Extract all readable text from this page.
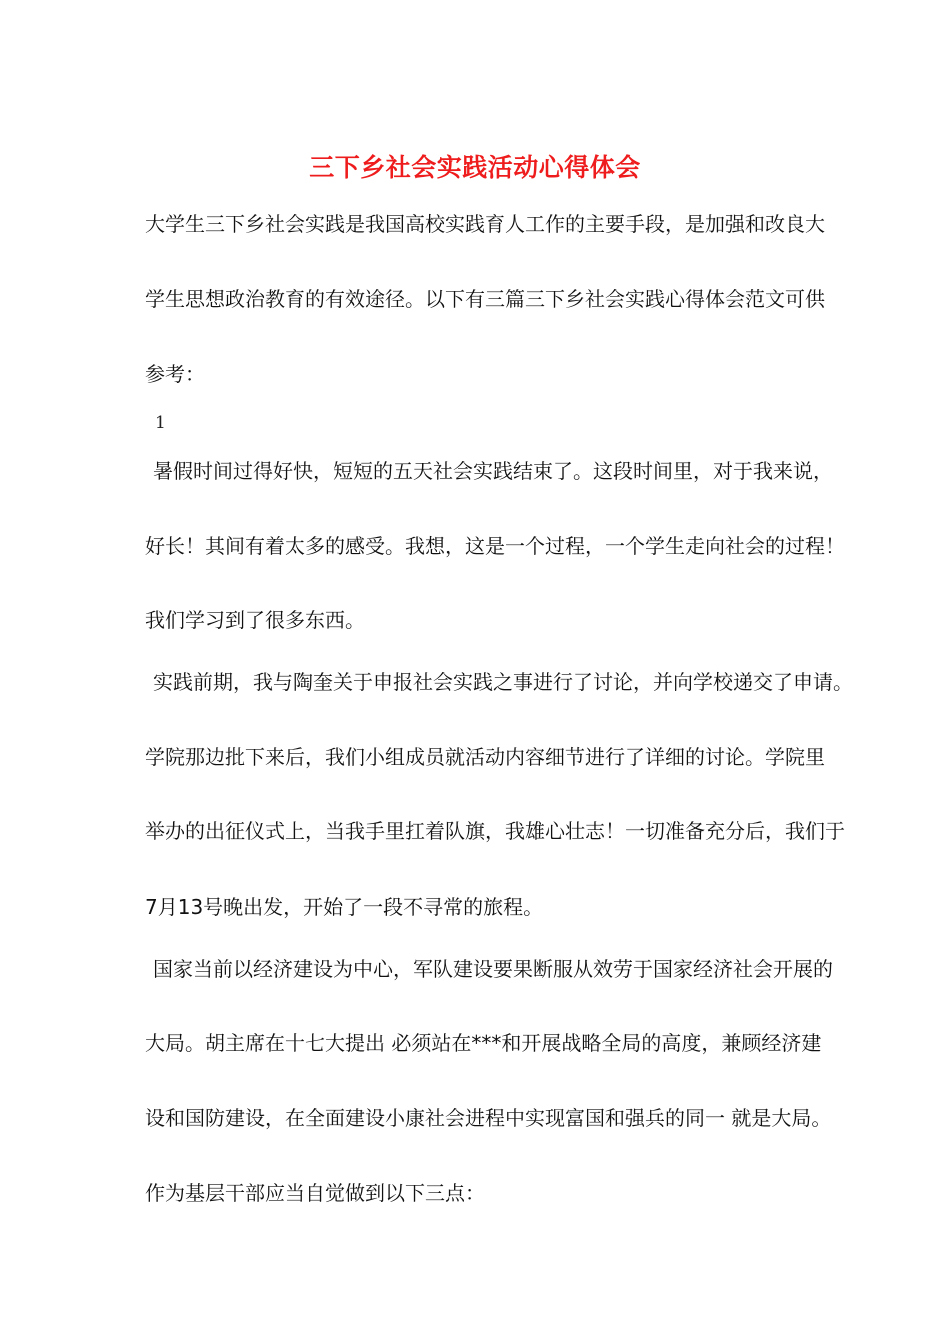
三下乡社会实践活动心得体会
大学生三下乡社会实践是我国高校实践育人工作的主要手段，是加强和改良大
学生思想政治教育的有效途径。以下有三篇三下乡社会实践心得体会范文可供
参考：
1
暑假时间过得好快，短短的五天社会实践结束了。这段时间里，对于我来说，
好长！其间有着太多的感受。我想，这是一个过程，一个学生走向社会的过程！
我们学习到了很多东西。
实践前期，我与陶奎关于申报社会实践之事进行了讨论，并向学校递交了申请。
学院那边批下来后，我们小组成员就活动内容细节进行了详细的讨论。学院里
举办的出征仪式上，当我手里扛着队旗，我雄心壮志！一切准备充分后，我们于
7月13号晚出发，开始了一段不寻常的旅程。
国家当前以经济建设为中心，军队建设要果断服从效劳于国家经济社会开展的
大局。胡主席在十七大提出 必须站在***和开展战略全局的高度，兼顾经济建
设和国防建设，在全面建设小康社会进程中实现富国和强兵的同一 就是大局。
作为基层干部应当自觉做到以下三点：
